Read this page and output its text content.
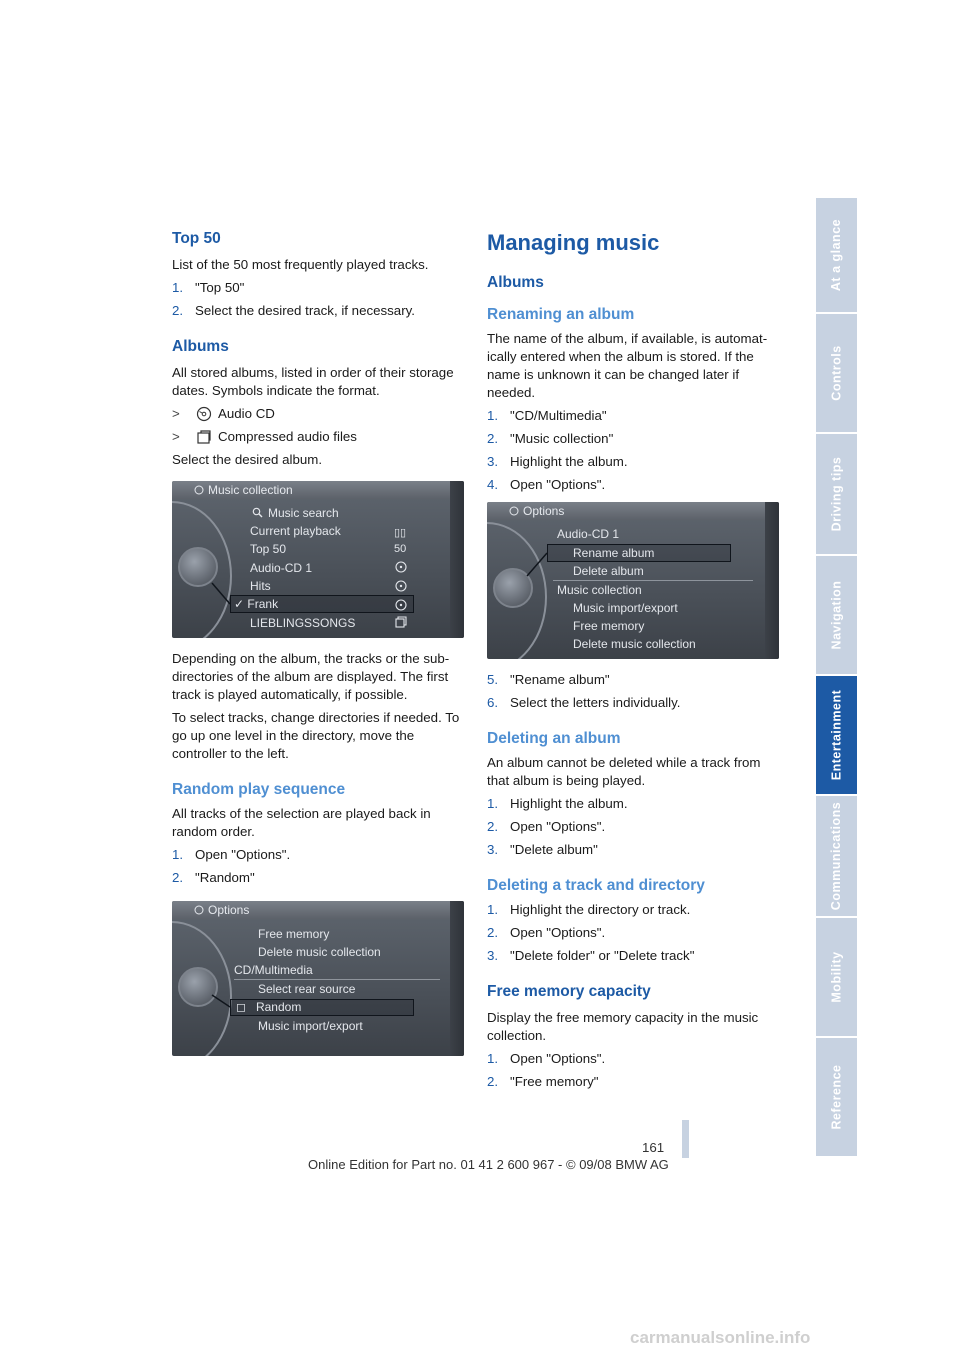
At a glance
Controls
Driving tips
Navigation
Entertainment
Communications
Mobility
Reference
Top 50

List of the 50 most frequently played tracks.

1. "Top 50"
2. Select the desired track, if necessary.
Albums

All stored albums, listed in order of their storage dates. Symbols indicate the format.

>	Audio CD
>	Compressed audio files

Select the desired album.

Music collection
Music search
Current playback
Top 50
Audio-CD 1
Hits
✓ Frank
LIEBLINGSSONGS
▯▯
50

Depending on the album, the tracks or the sub-directories of the album are displayed. The first track is played automatically, if possible.

To select tracks, change directories if needed. To go up one level in the directory, move the controller to the left.

Random play sequence

All tracks of the selection are played back in random order.

1. Open "Options".
2. "Random"
Options
Free memory
Delete music collection
CD/Multimedia
Select rear source
◻   Random
Music import/export
Managing music
Albums
Renaming an album

The name of the album, if available, is automat-ically entered when the album is stored. If the name is unknown it can be changed later if needed.

1. "CD/Multimedia"
2. "Music collection"
3. Highlight the album.
4. Open "Options".
Options
Audio-CD 1
Rename album
Delete album
Music collection
Music import/export
Free memory
Delete music collection
5. "Rename album"
6. Select the letters individually.
Deleting an album

An album cannot be deleted while a track from that album is being played.

1. Highlight the album.
2. Open "Options".
3. "Delete album"
Deleting a track and directory
1. Highlight the directory or track.
2. Open "Options".
3. "Delete folder" or "Delete track"
Free memory capacity

Display the free memory capacity in the music collection.

1. Open "Options".
2. "Free memory"
161
Online Edition for Part no. 01 41 2 600 967 - © 09/08 BMW AG
carmanualsonline.info
